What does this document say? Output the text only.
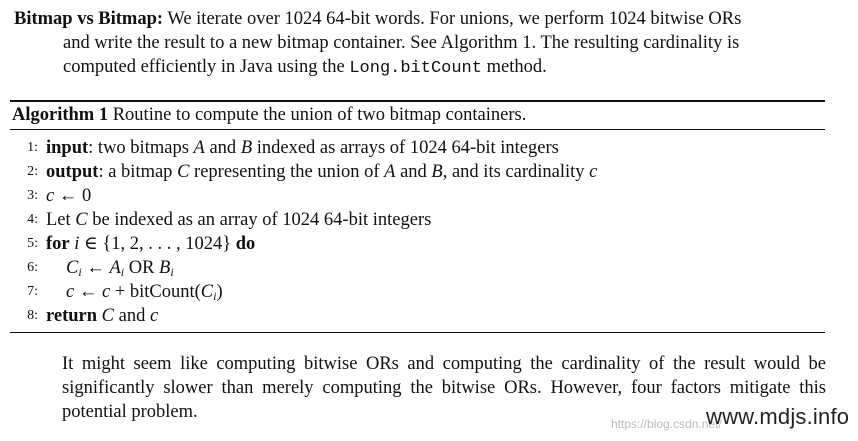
Bitmap vs Bitmap: We iterate over 1024 64-bit words. For unions, we perform 1024 bitwise ORs
and write the result to a new bitmap container. See Algorithm 1. The resulting cardinality is
computed efficiently in Java using the Long.bitCount method.
Algorithm 1 Routine to compute the union of two bitmap containers.
1: input: two bitmaps A and B indexed as arrays of 1024 64-bit integers
2: output: a bitmap C representing the union of A and B, and its cardinality c
3: c ← 0
4: Let C be indexed as an array of 1024 64-bit integers
5: for i ∈ {1, 2, . . . , 1024} do
6:	$C_i$ ← $A_i$ OR $B_i$
7:	c ← $c + bitCount(C_i)$
8: return C and c
It might seem like computing bitwise ORs and computing the cardinality of the result would be significantly slower than merely computing the bitwise ORs. However, four factors mitigate this potential problem.
https://blog.csdn.net/
www.mdjs.info
